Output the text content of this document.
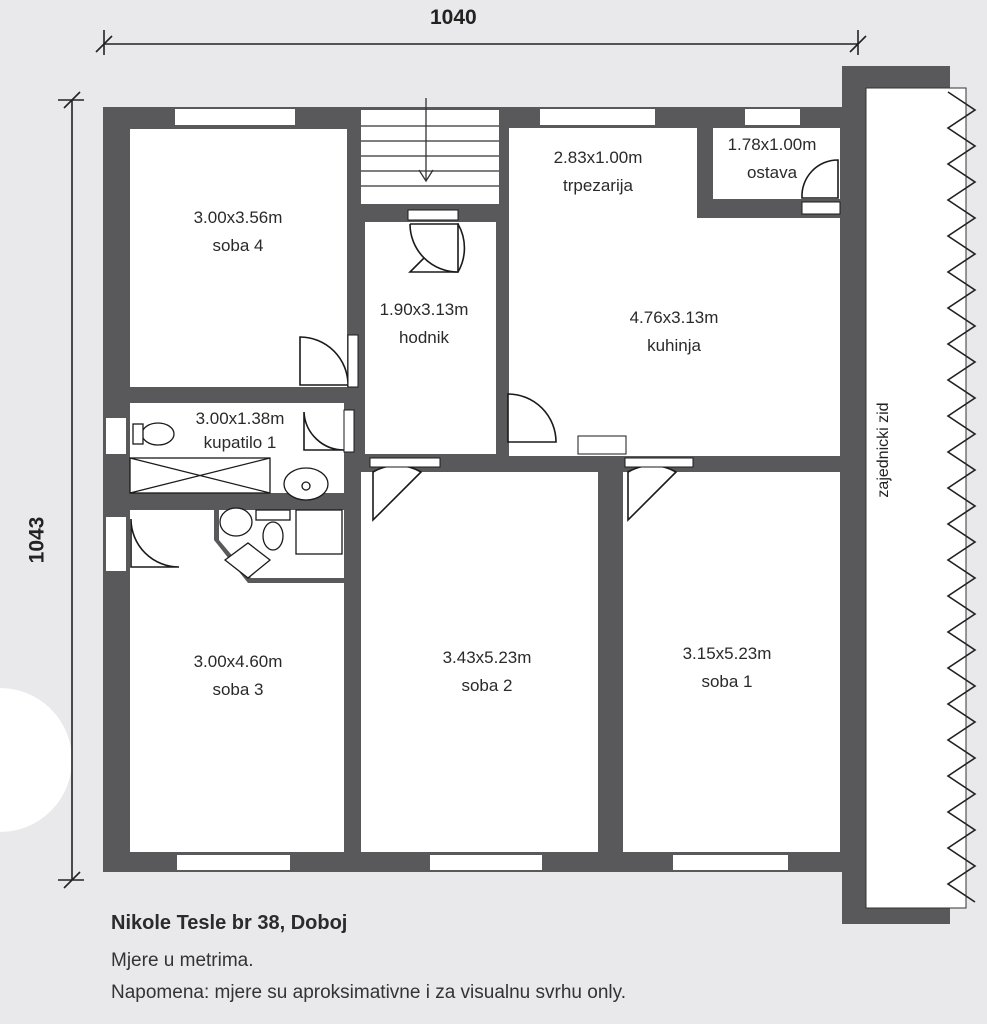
zajednicki zid
1040
1043
3.00x3.56m
soba 4
1.90x3.13m
hodnik
2.83x1.00m
trpezarija
1.78x1.00m
ostava
4.76x3.13m
kuhinja
3.00x1.38m
kupatilo 1
3.00x4.60m
soba 3
3.43x5.23m
soba 2
3.15x5.23m
soba 1
Nikole Tesle br 38, Doboj
Mjere u metrima.
Napomena: mjere su aproksimativne i za visualnu svrhu only.
